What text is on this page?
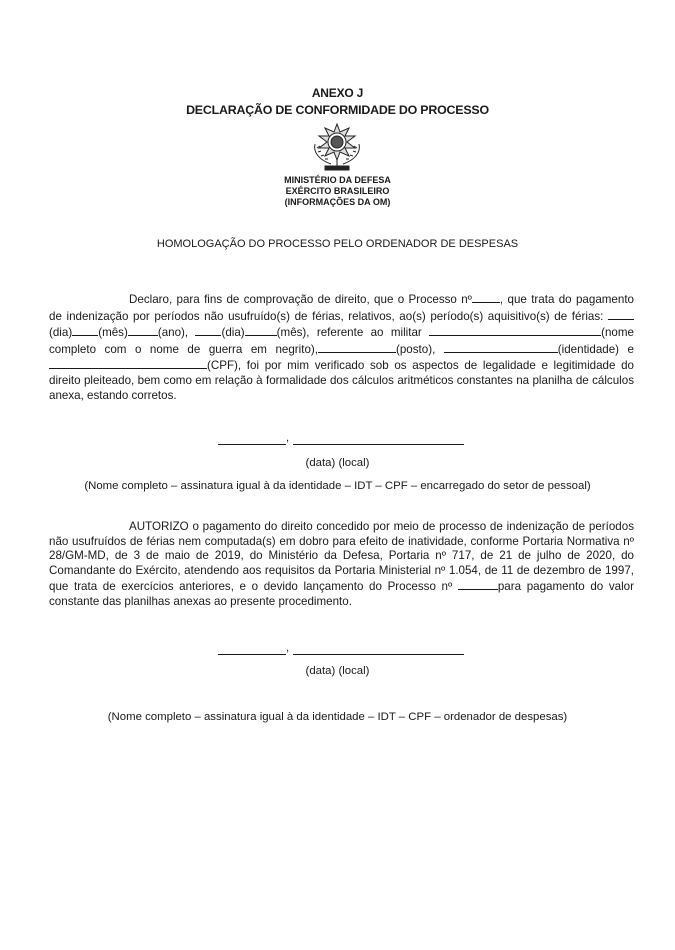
ANEXO J
DECLARAÇÃO DE CONFORMIDADE DO PROCESSO
MINISTÉRIO DA DEFESA
EXÉRCITO BRASILEIRO
(INFORMAÇÕES DA OM)
HOMOLOGAÇÃO DO PROCESSO PELO ORDENADOR DE DESPESAS

Declaro, para fins de comprovação de direito, que o Processo nº , que trata do pagamento de indenização por períodos não usufruído(s) de férias, relativos, ao(s) período(s) aquisitivo(s) de férias: (dia) (mês)	(ano), (dia)	(mês), referente ao militar	(nome completo com o nome de guerra em negrito),	(posto),	(identidade) e (CPF), foi por mim verificado sob os aspectos de legalidade e legitimidade do direito pleiteado, bem como em relação à formalidade dos cálculos aritméticos constantes na planilha de cálculos anexa, estando corretos.

,
(data) (local)
(Nome completo – assinatura igual à da identidade – IDT – CPF – encarregado do setor de pessoal)

AUTORIZO o pagamento do direito concedido por meio de processo de indenização de períodos não usufruídos de férias nem computada(s) em dobro para efeito de inatividade, conforme Portaria Normativa nº 28/GM-MD, de 3 de maio de 2019, do Ministério da Defesa, Portaria nº 717, de 21 de julho de 2020, do Comandante do Exército, atendendo aos requisitos da Portaria Ministerial nº 1.054, de 11 de dezembro de 1997, que trata de exercícios anteriores, e o devido lançamento do Processo nº	para pagamento do valor constante das planilhas anexas ao presente procedimento.

,
(data) (local)
(Nome completo – assinatura igual à da identidade – IDT – CPF – ordenador de despesas)
